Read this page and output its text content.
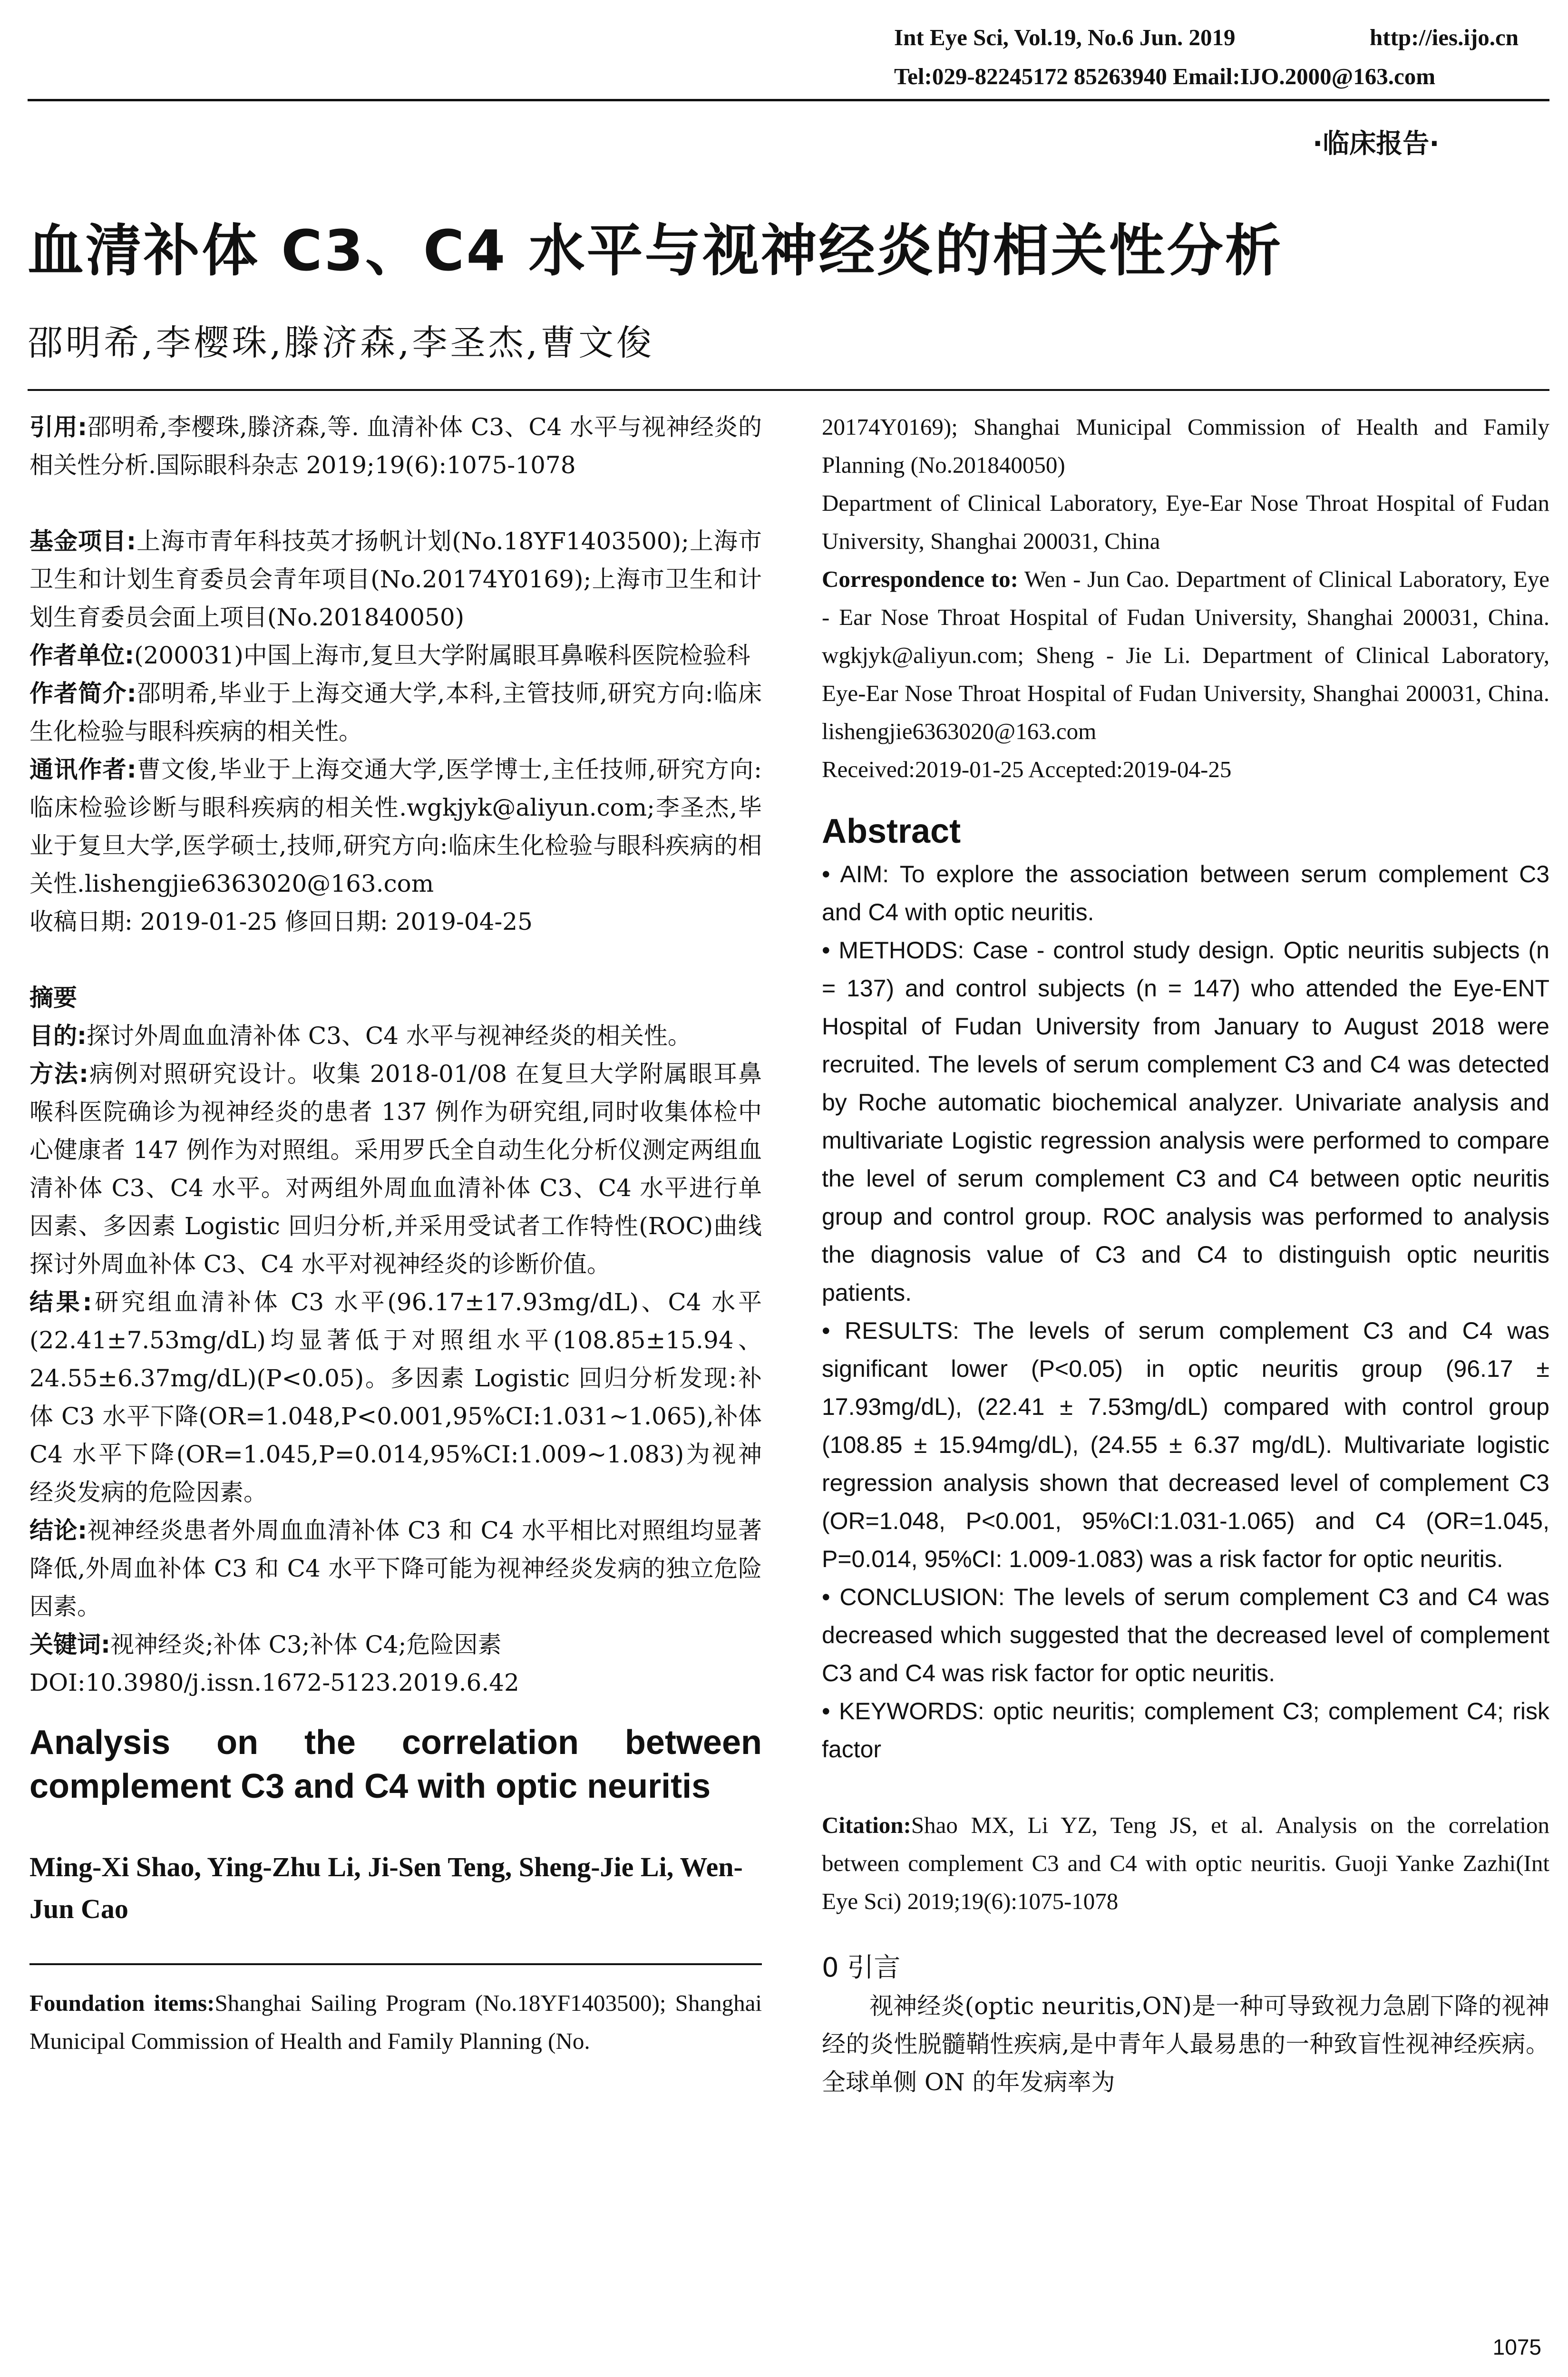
Int Eye Sci, Vol.19, No.6 Jun. 2019	http://ies.ijo.cn
Tel:029-82245172 85263940 Email:IJO.2000@163.com
·临床报告·
血清补体 C3、C4 水平与视神经炎的相关性分析
邵明希,李樱珠,滕济森,李圣杰,曹文俊

引用:邵明希,李樱珠,滕济森,等. 血清补体 C3、C4 水平与视神经炎的相关性分析.国际眼科杂志 2019;19(6):1075-1078

基金项目:上海市青年科技英才扬帆计划(No.18YF1403500);上海市卫生和计划生育委员会青年项目(No.20174Y0169);上海市卫生和计划生育委员会面上项目(No.201840050)

作者单位:(200031)中国上海市,复旦大学附属眼耳鼻喉科医院检验科

作者简介:邵明希,毕业于上海交通大学,本科,主管技师,研究方向:临床生化检验与眼科疾病的相关性。

通讯作者:曹文俊,毕业于上海交通大学,医学博士,主任技师,研究方向:临床检验诊断与眼科疾病的相关性.wgkjyk@aliyun.com;李圣杰,毕业于复旦大学,医学硕士,技师,研究方向:临床生化检验与眼科疾病的相关性.lishengjie6363020@163.com

收稿日期: 2019-01-25 修回日期: 2019-04-25

摘要

目的:探讨外周血血清补体 C3、C4 水平与视神经炎的相关性。

方法:病例对照研究设计。收集 2018-01/08 在复旦大学附属眼耳鼻喉科医院确诊为视神经炎的患者 137 例作为研究组,同时收集体检中心健康者 147 例作为对照组。采用罗氏全自动生化分析仪测定两组血清补体 C3、C4 水平。对两组外周血血清补体 C3、C4 水平进行单因素、多因素 Logistic 回归分析,并采用受试者工作特性(ROC)曲线探讨外周血补体 C3、C4 水平对视神经炎的诊断价值。

结果:研究组血清补体 C3 水平(96.17±17.93mg/dL)、C4 水平(22.41±7.53mg/dL)均显著低于对照组水平(108.85±15.94、24.55±6.37mg/dL)(P<0.05)。多因素 Logistic 回归分析发现:补体 C3 水平下降(OR=1.048,P<0.001,95%CI:1.031~1.065),补体 C4 水平下降(OR=1.045,P=0.014,95%CI:1.009~1.083)为视神经炎发病的危险因素。

结论:视神经炎患者外周血血清补体 C3 和 C4 水平相比对照组均显著降低,外周血补体 C3 和 C4 水平下降可能为视神经炎发病的独立危险因素。

关键词:视神经炎;补体 C3;补体 C4;危险因素

DOI:10.3980/j.issn.1672-5123.2019.6.42

Analysis on the correlation between complement C3 and C4 with optic neuritis

Ming-Xi Shao, Ying-Zhu Li, Ji-Sen Teng, Sheng-Jie Li, Wen-Jun Cao

Foundation items:Shanghai Sailing Program (No.18YF1403500); Shanghai Municipal Commission of Health and Family Planning (No.

20174Y0169); Shanghai Municipal Commission of Health and Family Planning (No.201840050)

Department of Clinical Laboratory, Eye-Ear Nose Throat Hospital of Fudan University, Shanghai 200031, China

Correspondence to: Wen - Jun Cao. Department of Clinical Laboratory, Eye - Ear Nose Throat Hospital of Fudan University, Shanghai 200031, China. wgkjyk@aliyun.com; Sheng - Jie Li. Department of Clinical Laboratory, Eye-Ear Nose Throat Hospital of Fudan University, Shanghai 200031, China. lishengjie6363020@163.com

Received:2019-01-25 Accepted:2019-04-25

Abstract

• AIM: To explore the association between serum complement C3 and C4 with optic neuritis.

• METHODS: Case - control study design. Optic neuritis subjects (n = 137) and control subjects (n = 147) who attended the Eye-ENT Hospital of Fudan University from January to August 2018 were recruited. The levels of serum complement C3 and C4 was detected by Roche automatic biochemical analyzer. Univariate analysis and multivariate Logistic regression analysis were performed to compare the level of serum complement C3 and C4 between optic neuritis group and control group. ROC analysis was performed to analysis the diagnosis value of C3 and C4 to distinguish optic neuritis patients.

• RESULTS: The levels of serum complement C3 and C4 was significant lower (P<0.05) in optic neuritis group (96.17 ± 17.93mg/dL), (22.41 ± 7.53mg/dL) compared with control group (108.85 ± 15.94mg/dL), (24.55 ± 6.37 mg/dL). Multivariate logistic regression analysis shown that decreased level of complement C3 (OR=1.048, P<0.001, 95%CI:1.031-1.065) and C4 (OR=1.045, P=0.014, 95%CI: 1.009-1.083) was a risk factor for optic neuritis.

• CONCLUSION: The levels of serum complement C3 and C4 was decreased which suggested that the decreased level of complement C3 and C4 was risk factor for optic neuritis.

• KEYWORDS: optic neuritis; complement C3; complement C4; risk factor

Citation:Shao MX, Li YZ, Teng JS, et al. Analysis on the correlation between complement C3 and C4 with optic neuritis. Guoji Yanke Zazhi(Int Eye Sci) 2019;19(6):1075-1078

0 引言

视神经炎(optic neuritis,ON)是一种可导致视力急剧下降的视神经的炎性脱髓鞘性疾病,是中青年人最易患的一种致盲性视神经疾病。全球单侧 ON 的年发病率为

1075
